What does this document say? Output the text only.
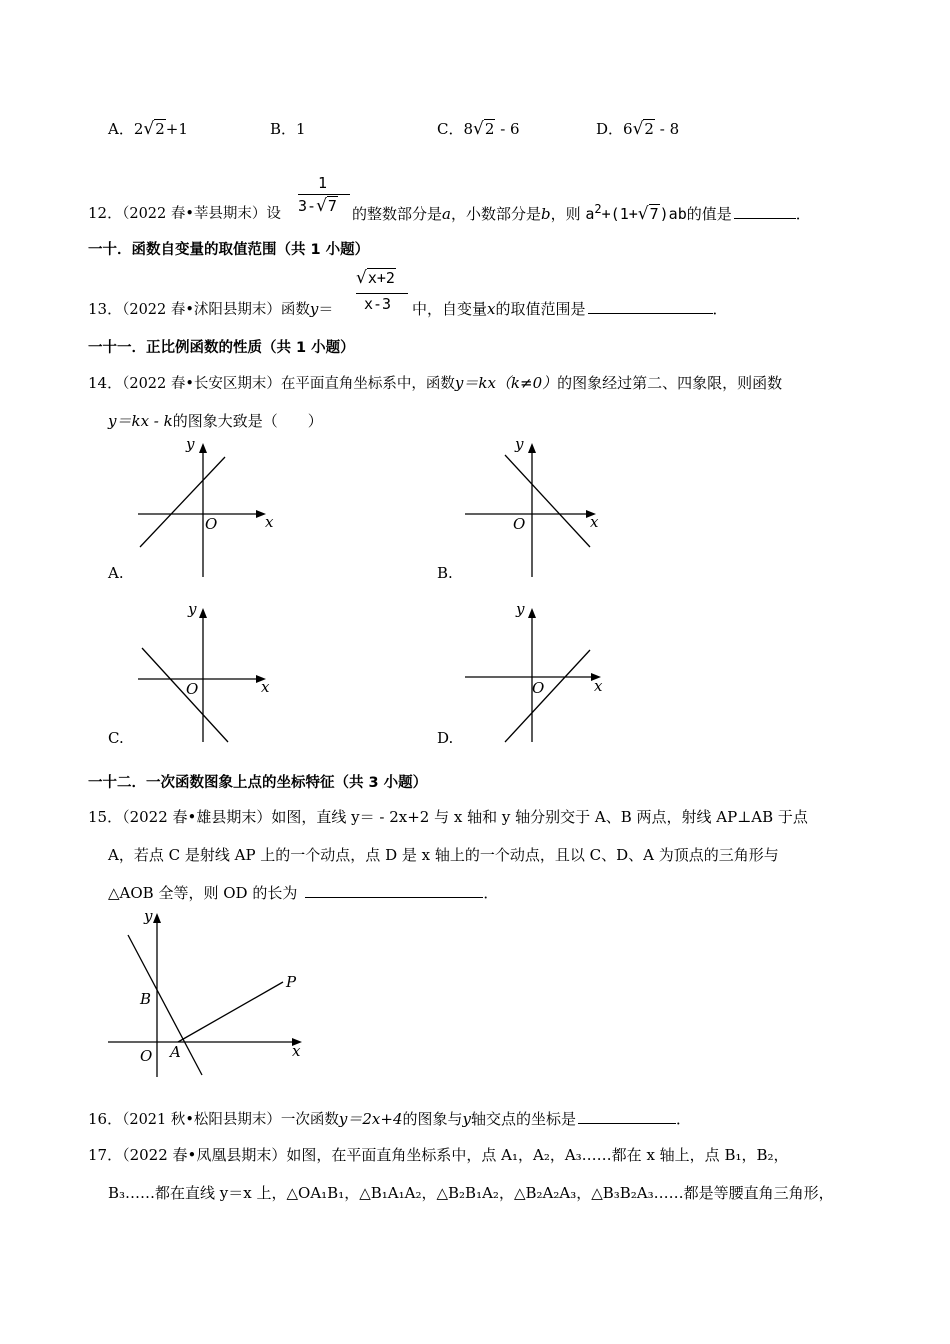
A．2√2+1	B．1	C．8√2 - 6	D．6√2 - 8
1
3-√7
12．（2022 春•莘县期末）设	的整数部分是a，小数部分是b，则 $a^2+(1+√7)ab$的值是	．
一十．函数自变量的取值范围（共 1 小题）
√x+2
x-3
13．（2022 春•沭阳县期末）函数y＝	中，自变量x的取值范围是	．
一十一．正比例函数的性质（共 1 小题）
14．（2022 春•长安区期末）在平面直角坐标系中，函数y＝kx（k≠0）的图象经过第二、四象限，则函数
y＝kx - k的图象大致是（　　）
y
x
O
A.
y
x
O
B.
y
x
O
C.
y
x
O
D.
一十二．一次函数图象上点的坐标特征（共 3 小题）
15．（2022 春•雄县期末）如图，直线 y＝ - 2x+2 与 x 轴和 y 轴分别交于 A、B 两点，射线 AP⊥AB 于点
A，若点 C 是射线 AP 上的一个动点，点 D 是 x 轴上的一个动点，且以 C、D、A 为顶点的三角形与
△AOB 全等，则 OD 的长为	．
y
x
O A
B
P
16．（2021 秋•松阳县期末）一次函数y＝2x+4的图象与y轴交点的坐标是	．
17．（2022 春•凤凰县期末）如图，在平面直角坐标系中，点 A₁，A₂，A₃……都在 x 轴上，点 B₁，B₂，
B₃……都在直线 y＝x 上，△OA₁B₁，△B₁A₁A₂，△B₂B₁A₂，△B₂A₂A₃，△B₃B₂A₃……都是等腰直角三角形，
